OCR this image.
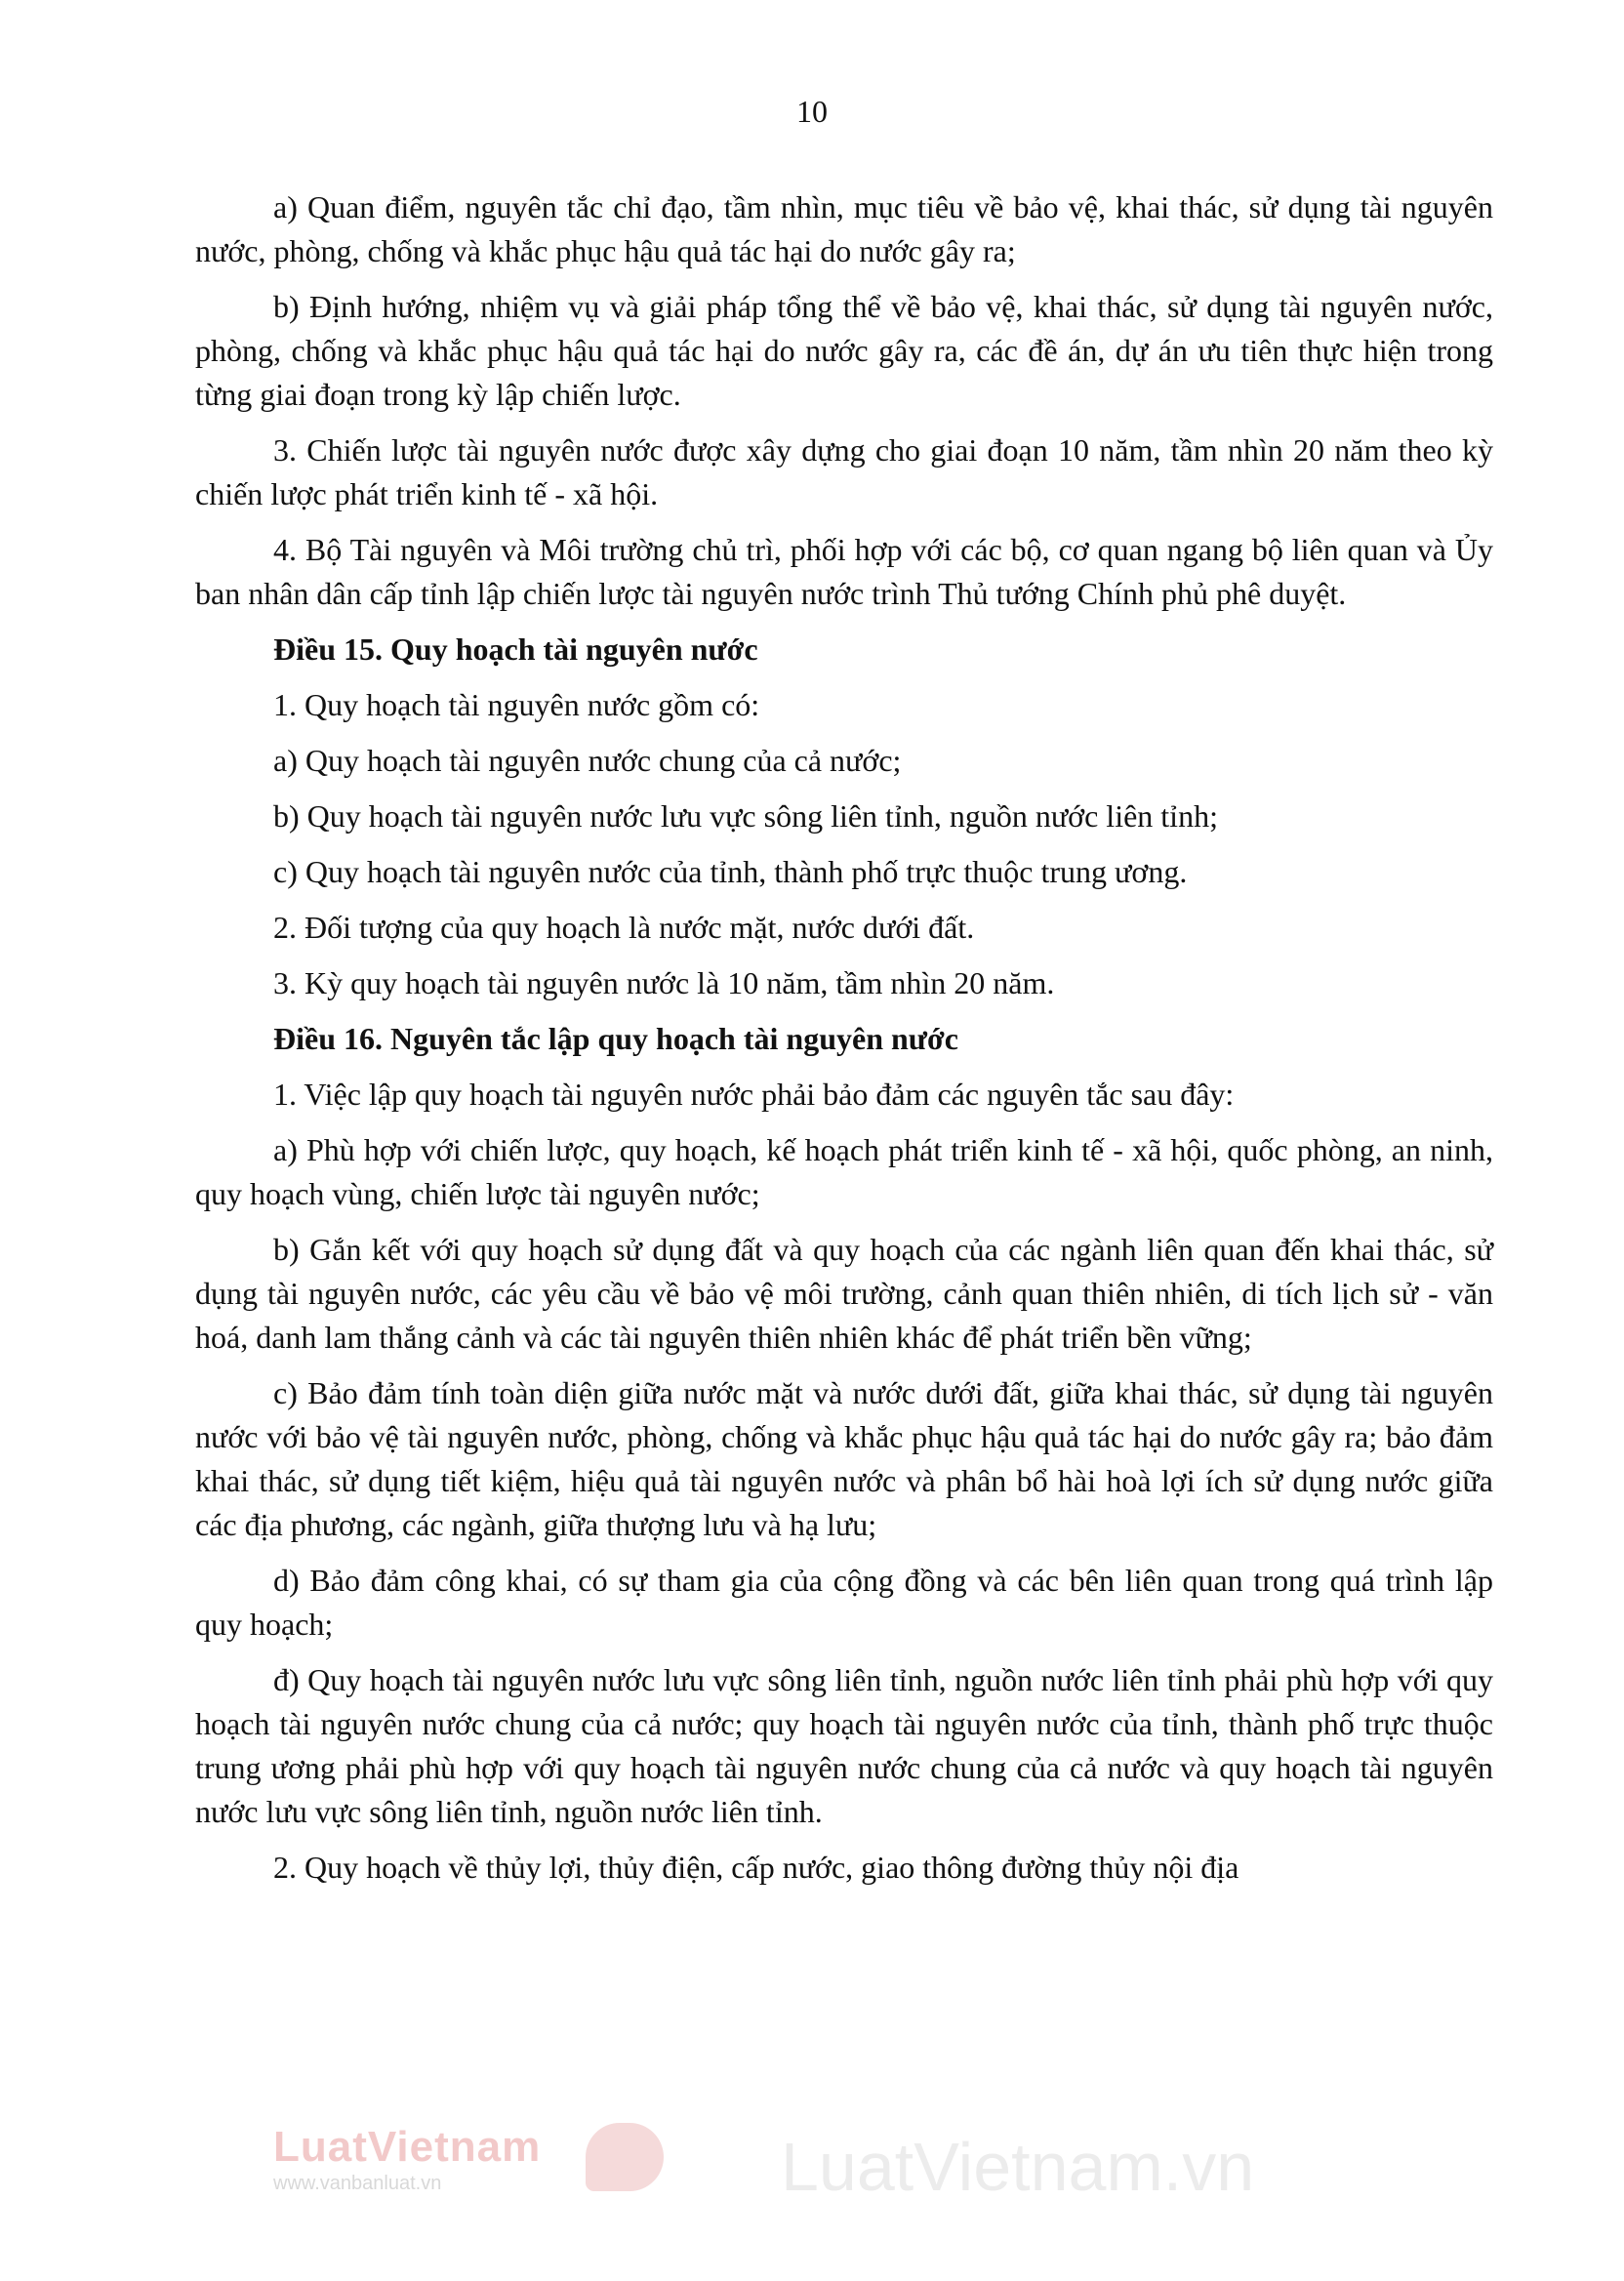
10

a) Quan điểm, nguyên tắc chỉ đạo, tầm nhìn, mục tiêu về bảo vệ, khai thác, sử dụng tài nguyên nước, phòng, chống và khắc phục hậu quả tác hại do nước gây ra;

b) Định hướng, nhiệm vụ và giải pháp tổng thể về bảo vệ, khai thác, sử dụng tài nguyên nước, phòng, chống và khắc phục hậu quả tác hại do nước gây ra, các đề án, dự án ưu tiên thực hiện trong từng giai đoạn trong kỳ lập chiến lược.

3. Chiến lược tài nguyên nước được xây dựng cho giai đoạn 10 năm, tầm nhìn 20 năm theo kỳ chiến lược phát triển kinh tế - xã hội.

4. Bộ Tài nguyên và Môi trường chủ trì, phối hợp với các bộ, cơ quan ngang bộ liên quan và Ủy ban nhân dân cấp tỉnh lập chiến lược tài nguyên nước trình Thủ tướng Chính phủ phê duyệt.

Điều 15. Quy hoạch tài nguyên nước

1. Quy hoạch tài nguyên nước gồm có:

a) Quy hoạch tài nguyên nước chung của cả nước;

b) Quy hoạch tài nguyên nước lưu vực sông liên tỉnh, nguồn nước liên tỉnh;

c) Quy hoạch tài nguyên nước của tỉnh, thành phố trực thuộc trung ương.

2. Đối tượng của quy hoạch là nước mặt, nước dưới đất.

3. Kỳ quy hoạch tài nguyên nước là 10 năm, tầm nhìn 20 năm.

Điều 16. Nguyên tắc lập quy hoạch tài nguyên nước

1. Việc lập quy hoạch tài nguyên nước phải bảo đảm các nguyên tắc sau đây:

a) Phù hợp với chiến lược, quy hoạch, kế hoạch phát triển kinh tế - xã hội, quốc phòng, an ninh, quy hoạch vùng, chiến lược tài nguyên nước;

b) Gắn kết với quy hoạch sử dụng đất và quy hoạch của các ngành liên quan đến khai thác, sử dụng tài nguyên nước, các yêu cầu về bảo vệ môi trường, cảnh quan thiên nhiên, di tích lịch sử - văn hoá, danh lam thắng cảnh và các tài nguyên thiên nhiên khác để phát triển bền vững;

c) Bảo đảm tính toàn diện giữa nước mặt và nước dưới đất, giữa khai thác, sử dụng tài nguyên nước với bảo vệ tài nguyên nước, phòng, chống và khắc phục hậu quả tác hại do nước gây ra; bảo đảm khai thác, sử dụng tiết kiệm, hiệu quả tài nguyên nước và phân bổ hài hoà lợi ích sử dụng nước giữa các địa phương, các ngành, giữa thượng lưu và hạ lưu;

d) Bảo đảm công khai, có sự tham gia của cộng đồng và các bên liên quan trong quá trình lập quy hoạch;

đ) Quy hoạch tài nguyên nước lưu vực sông liên tỉnh, nguồn nước liên tỉnh phải phù hợp với quy hoạch tài nguyên nước chung của cả nước; quy hoạch tài nguyên nước của tỉnh, thành phố trực thuộc trung ương phải phù hợp với quy hoạch tài nguyên nước chung của cả nước và quy hoạch tài nguyên nước lưu vực sông liên tỉnh, nguồn nước liên tỉnh.

2. Quy hoạch về thủy lợi, thủy điện, cấp nước, giao thông đường thủy nội địa

LuatVietnam
www.vanbanluat.vn	LuatVietnam.vn
